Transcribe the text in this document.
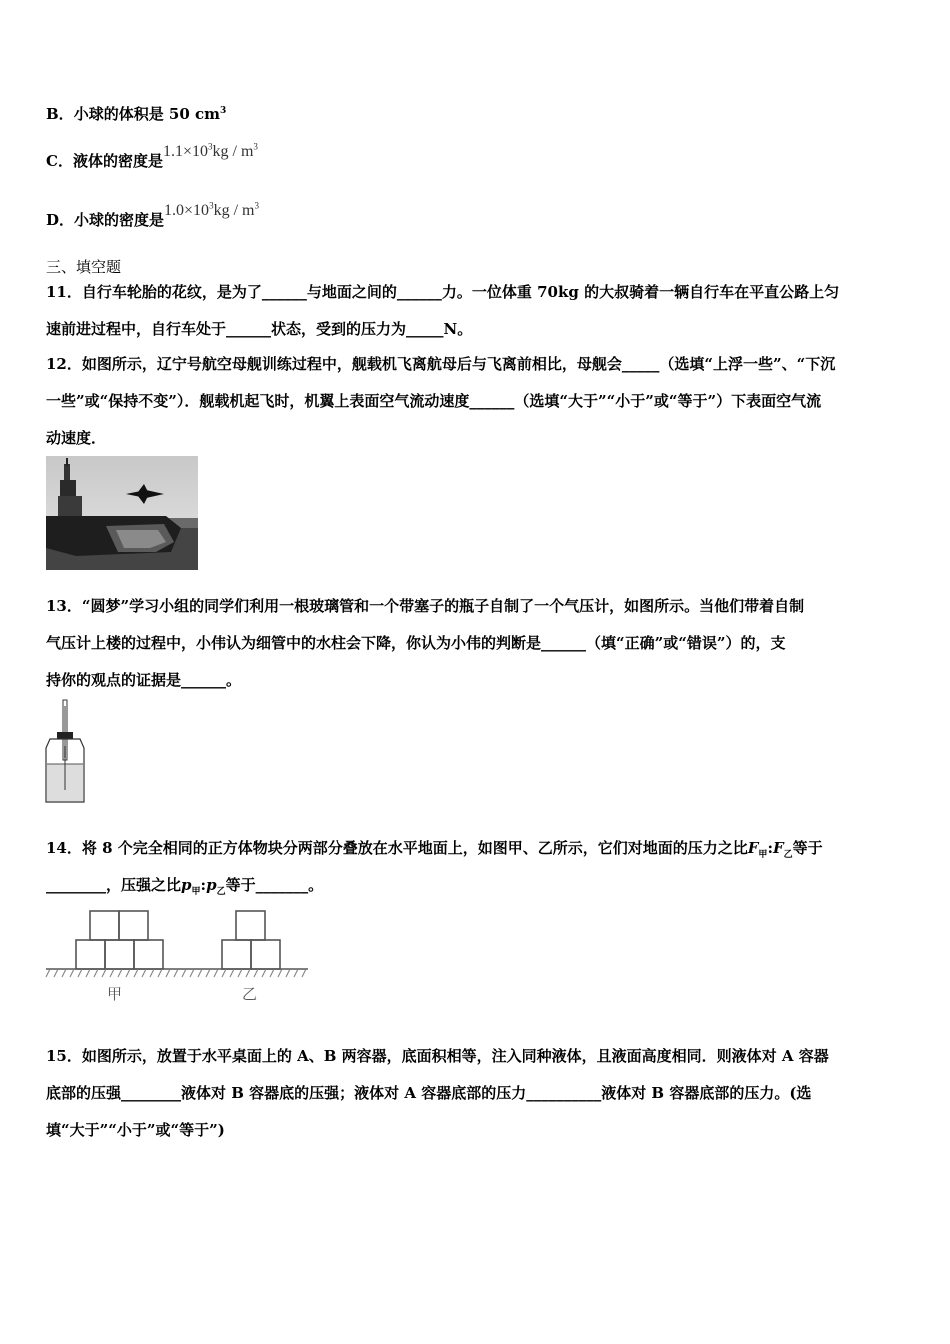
B．小球的体积是 50 $cm^3$
C．液体的密度是$1.1\times 10^3kg / m^3$
D．小球的密度是$1.0\times 10^3kg / m^3$
三、填空题
11．自行车轮胎的花纹，是为了______与地面之间的______力。一位体重 70kg 的大叔骑着一辆自行车在平直公路上匀
速前进过程中，自行车处于______状态，受到的压力为_____N。
12．如图所示，辽宁号航空母舰训练过程中，舰载机飞离航母后与飞离前相比，母舰会_____（选填“上浮一些”、“下沉
一些”或“保持不变”）．舰载机起飞时，机翼上表面空气流动速度______（选填“大于”“小于”或“等于”）下表面空气流
动速度．
13．“圆梦”学习小组的同学们利用一根玻璃管和一个带塞子的瓶子自制了一个气压计，如图所示。当他们带着自制
气压计上楼的过程中，小伟认为细管中的水柱会下降，你认为小伟的判断是______（填“正确”或“错误”）的，支
持你的观点的证据是______。
14．将 8 个完全相同的正方体物块分两部分叠放在水平地面上，如图甲、乙所示，它们对地面的压力之比$F_甲:F_乙$等于
________，压强之比$p_甲:p_乙$等于_______。
甲	乙
15．如图所示，放置于水平桌面上的 A、B 两容器，底面积相等，注入同种液体，且液面高度相同．则液体对 A 容器
底部的压强________液体对 B 容器底的压强；液体对 A 容器底部的压力__________液体对 B 容器底部的压力。(选
填“大于”“小于”或“等于”)
